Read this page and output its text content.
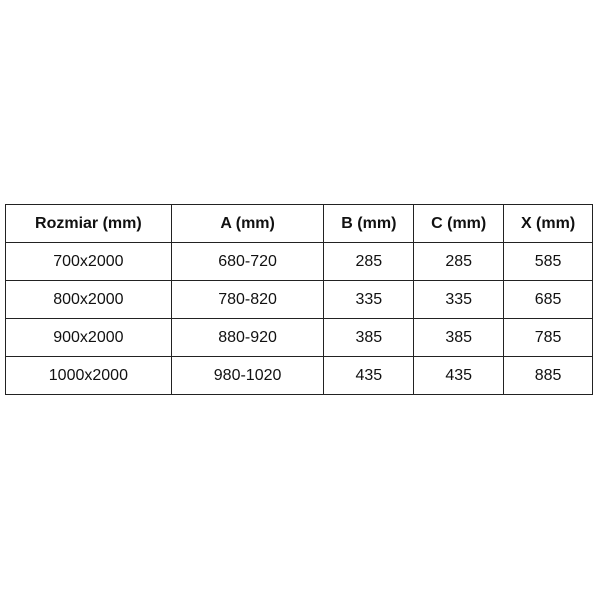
Rozmiar (mm)	A (mm)	B (mm)	C (mm)	X (mm)
700x2000	680-720	285	285	585
800x2000	780-820	335	335	685
900x2000	880-920	385	385	785
1000x2000	980-1020	435	435	885
